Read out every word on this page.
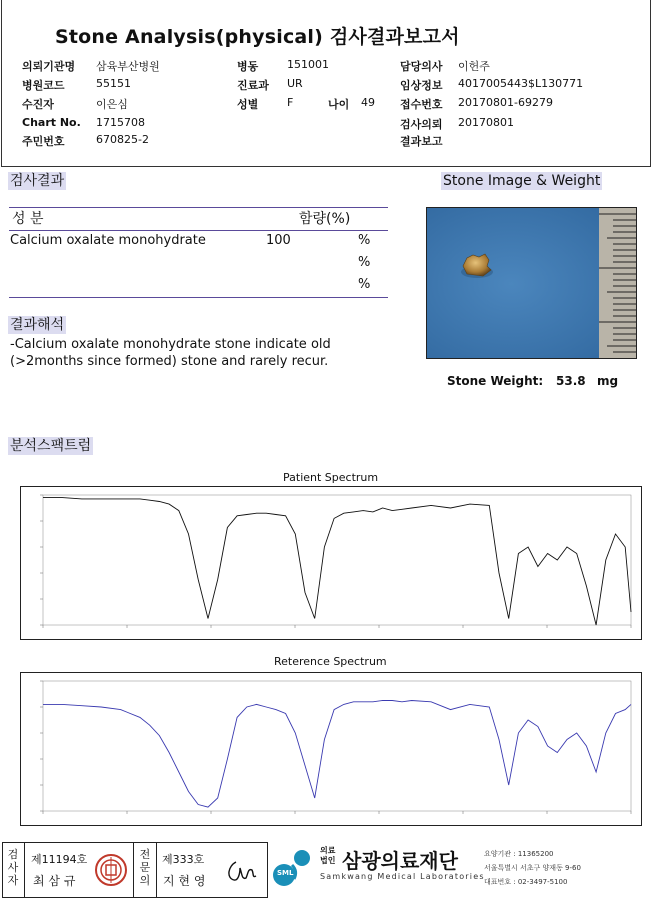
Stone Analysis(physical) 검사결과보고서
의뢰기관명 삼육부산병원
병원코드	55151
수진자	이은심
Chart No. 1715708
주민번호	670825-2
병동	151001
진료과 UR
성별	F	나이 49
담당의사 이헌주
임상정보 4017005443$L130771
접수번호 20170801-69279
검사의뢰 20170801
결과보고
검사결과
성 분	함량(%)
Calcium oxalate monohydrate	100	%
%
%
결과해석
-Calcium oxalate monohydrate stone indicate old
(>2months since formed) stone and rarely recur.
Stone Image & Weight
Stone Weight: 53.8 mg
분석스팩트럼
Patient Spectrum
Reterence Spectrum
검사자
제11194호
최 삼 규
전문의
제333호
지 현 영
SML
의료법인 삼광의료재단
Samkwang Medical Laboratories
요양기관 : 11365200
서울특별시 서초구 양재동 9-60
대표번호 : 02-3497-5100
